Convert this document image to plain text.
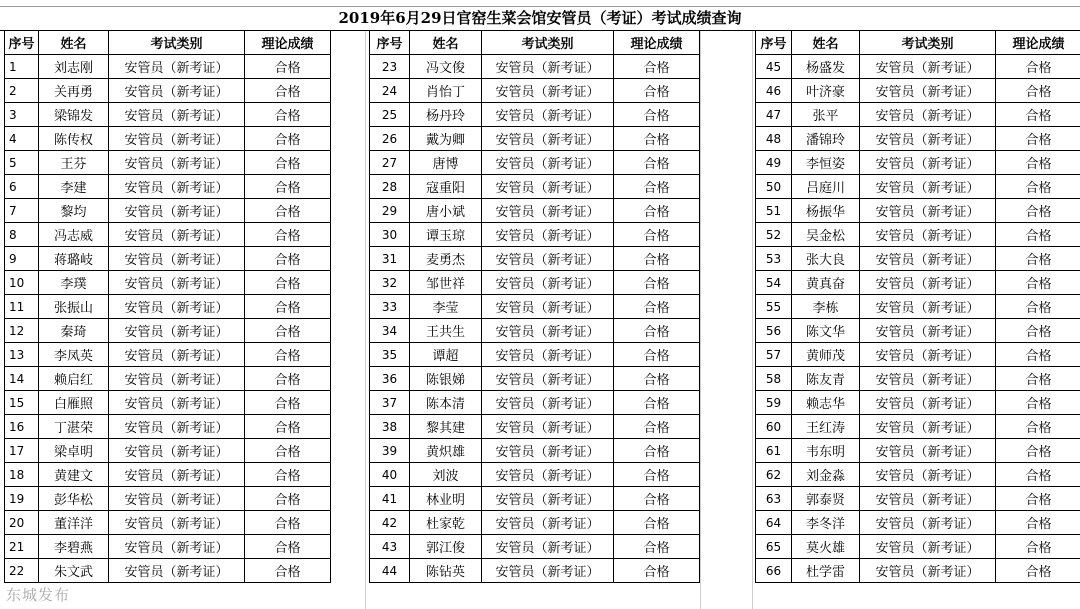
2019年6月29日官窑生菜会馆安管员（考证）考试成绩查询
序号	姓名	考试类别	理论成绩
1	刘志刚	安管员（新考证）	合格
2	关再勇	安管员（新考证）	合格
3	梁锦发	安管员（新考证）	合格
4	陈传权	安管员（新考证）	合格
5	王芬	安管员（新考证）	合格
6	李建	安管员（新考证）	合格
7	黎均	安管员（新考证）	合格
8	冯志威	安管员（新考证）	合格
9	蒋璐岐	安管员（新考证）	合格
10	李璞	安管员（新考证）	合格
11	张振山	安管员（新考证）	合格
12	秦琦	安管员（新考证）	合格
13	李凤英	安管员（新考证）	合格
14	赖启红	安管员（新考证）	合格
15	白雁照	安管员（新考证）	合格
16	丁湛荣	安管员（新考证）	合格
17	梁卓明	安管员（新考证）	合格
18	黄建文	安管员（新考证）	合格
19	彭华松	安管员（新考证）	合格
20	董洋洋	安管员（新考证）	合格
21	李碧燕	安管员（新考证）	合格
22	朱文武	安管员（新考证）	合格
序号	姓名	考试类别	理论成绩
23	冯文俊	安管员（新考证）	合格
24	肖怡丁	安管员（新考证）	合格
25	杨丹玲	安管员（新考证）	合格
26	戴为卿	安管员（新考证）	合格
27	唐博	安管员（新考证）	合格
28	寇重阳	安管员（新考证）	合格
29	唐小斌	安管员（新考证）	合格
30	谭玉琼	安管员（新考证）	合格
31	麦勇杰	安管员（新考证）	合格
32	邹世祥	安管员（新考证）	合格
33	李莹	安管员（新考证）	合格
34	王共生	安管员（新考证）	合格
35	谭超	安管员（新考证）	合格
36	陈银娣	安管员（新考证）	合格
37	陈本清	安管员（新考证）	合格
38	黎其建	安管员（新考证）	合格
39	黄炽雄	安管员（新考证）	合格
40	刘波	安管员（新考证）	合格
41	林业明	安管员（新考证）	合格
42	杜家乾	安管员（新考证）	合格
43	郭江俊	安管员（新考证）	合格
44	陈钻英	安管员（新考证）	合格
序号	姓名	考试类别	理论成绩
45	杨盛发	安管员（新考证）	合格
46	叶济豪	安管员（新考证）	合格
47	张平	安管员（新考证）	合格
48	潘锦玲	安管员（新考证）	合格
49	李恒姿	安管员（新考证）	合格
50	吕庭川	安管员（新考证）	合格
51	杨振华	安管员（新考证）	合格
52	吴金松	安管员（新考证）	合格
53	张大良	安管员（新考证）	合格
54	黄真奋	安管员（新考证）	合格
55	李栋	安管员（新考证）	合格
56	陈文华	安管员（新考证）	合格
57	黄师茂	安管员（新考证）	合格
58	陈友青	安管员（新考证）	合格
59	赖志华	安管员（新考证）	合格
60	王红涛	安管员（新考证）	合格
61	韦东明	安管员（新考证）	合格
62	刘金淼	安管员（新考证）	合格
63	郭泰贤	安管员（新考证）	合格
64	李冬洋	安管员（新考证）	合格
65	莫火雄	安管员（新考证）	合格
66	杜学雷	安管员（新考证）	合格
东城发布
